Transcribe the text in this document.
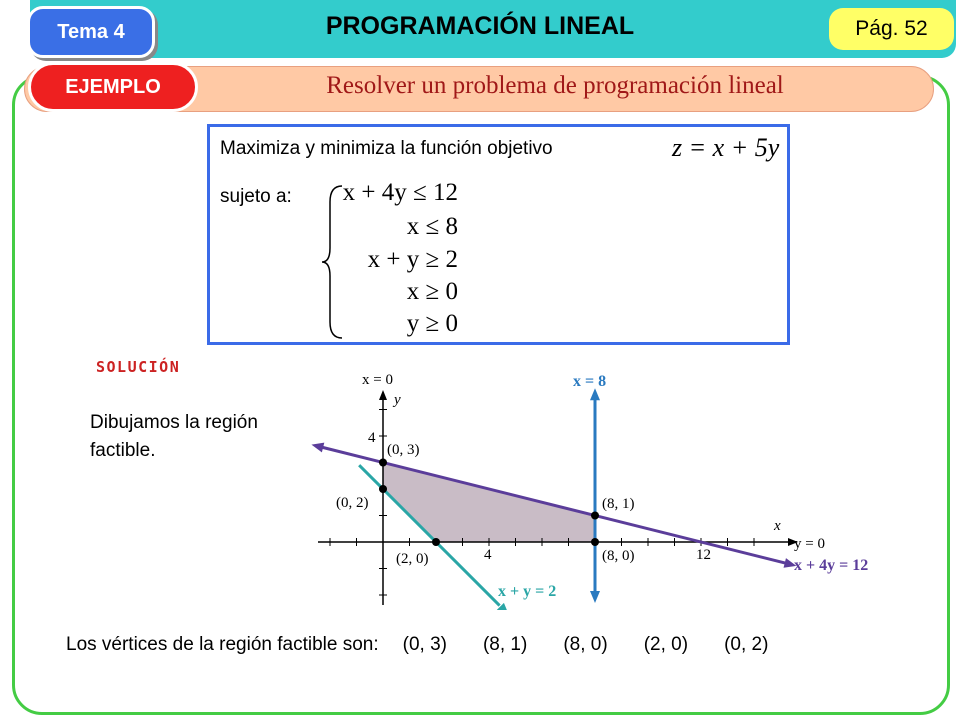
Tema 4	PROGRAMACIÓN LINEAL	Pág. 52
EJEMPLO	Resolver un problema de programación lineal
Maximiza y minimiza la función objetivo	z = x + 5y
sujeto a:	x + 4y ≤ 12
x ≤ 8
x + y ≥ 2
x ≥ 0
y ≥ 0
SOLUCIÓN
Dibujamos la región factible.
x = 0
y
x
y = 0
x = 8
x + 4y = 12
x + y = 2
4
4	12
(0, 3)
(0, 2)
(2, 0)
(8, 1)
(8, 0)
Los vértices de la región factible son: (0, 3) (8, 1) (8, 0) (2, 0) (0, 2)
